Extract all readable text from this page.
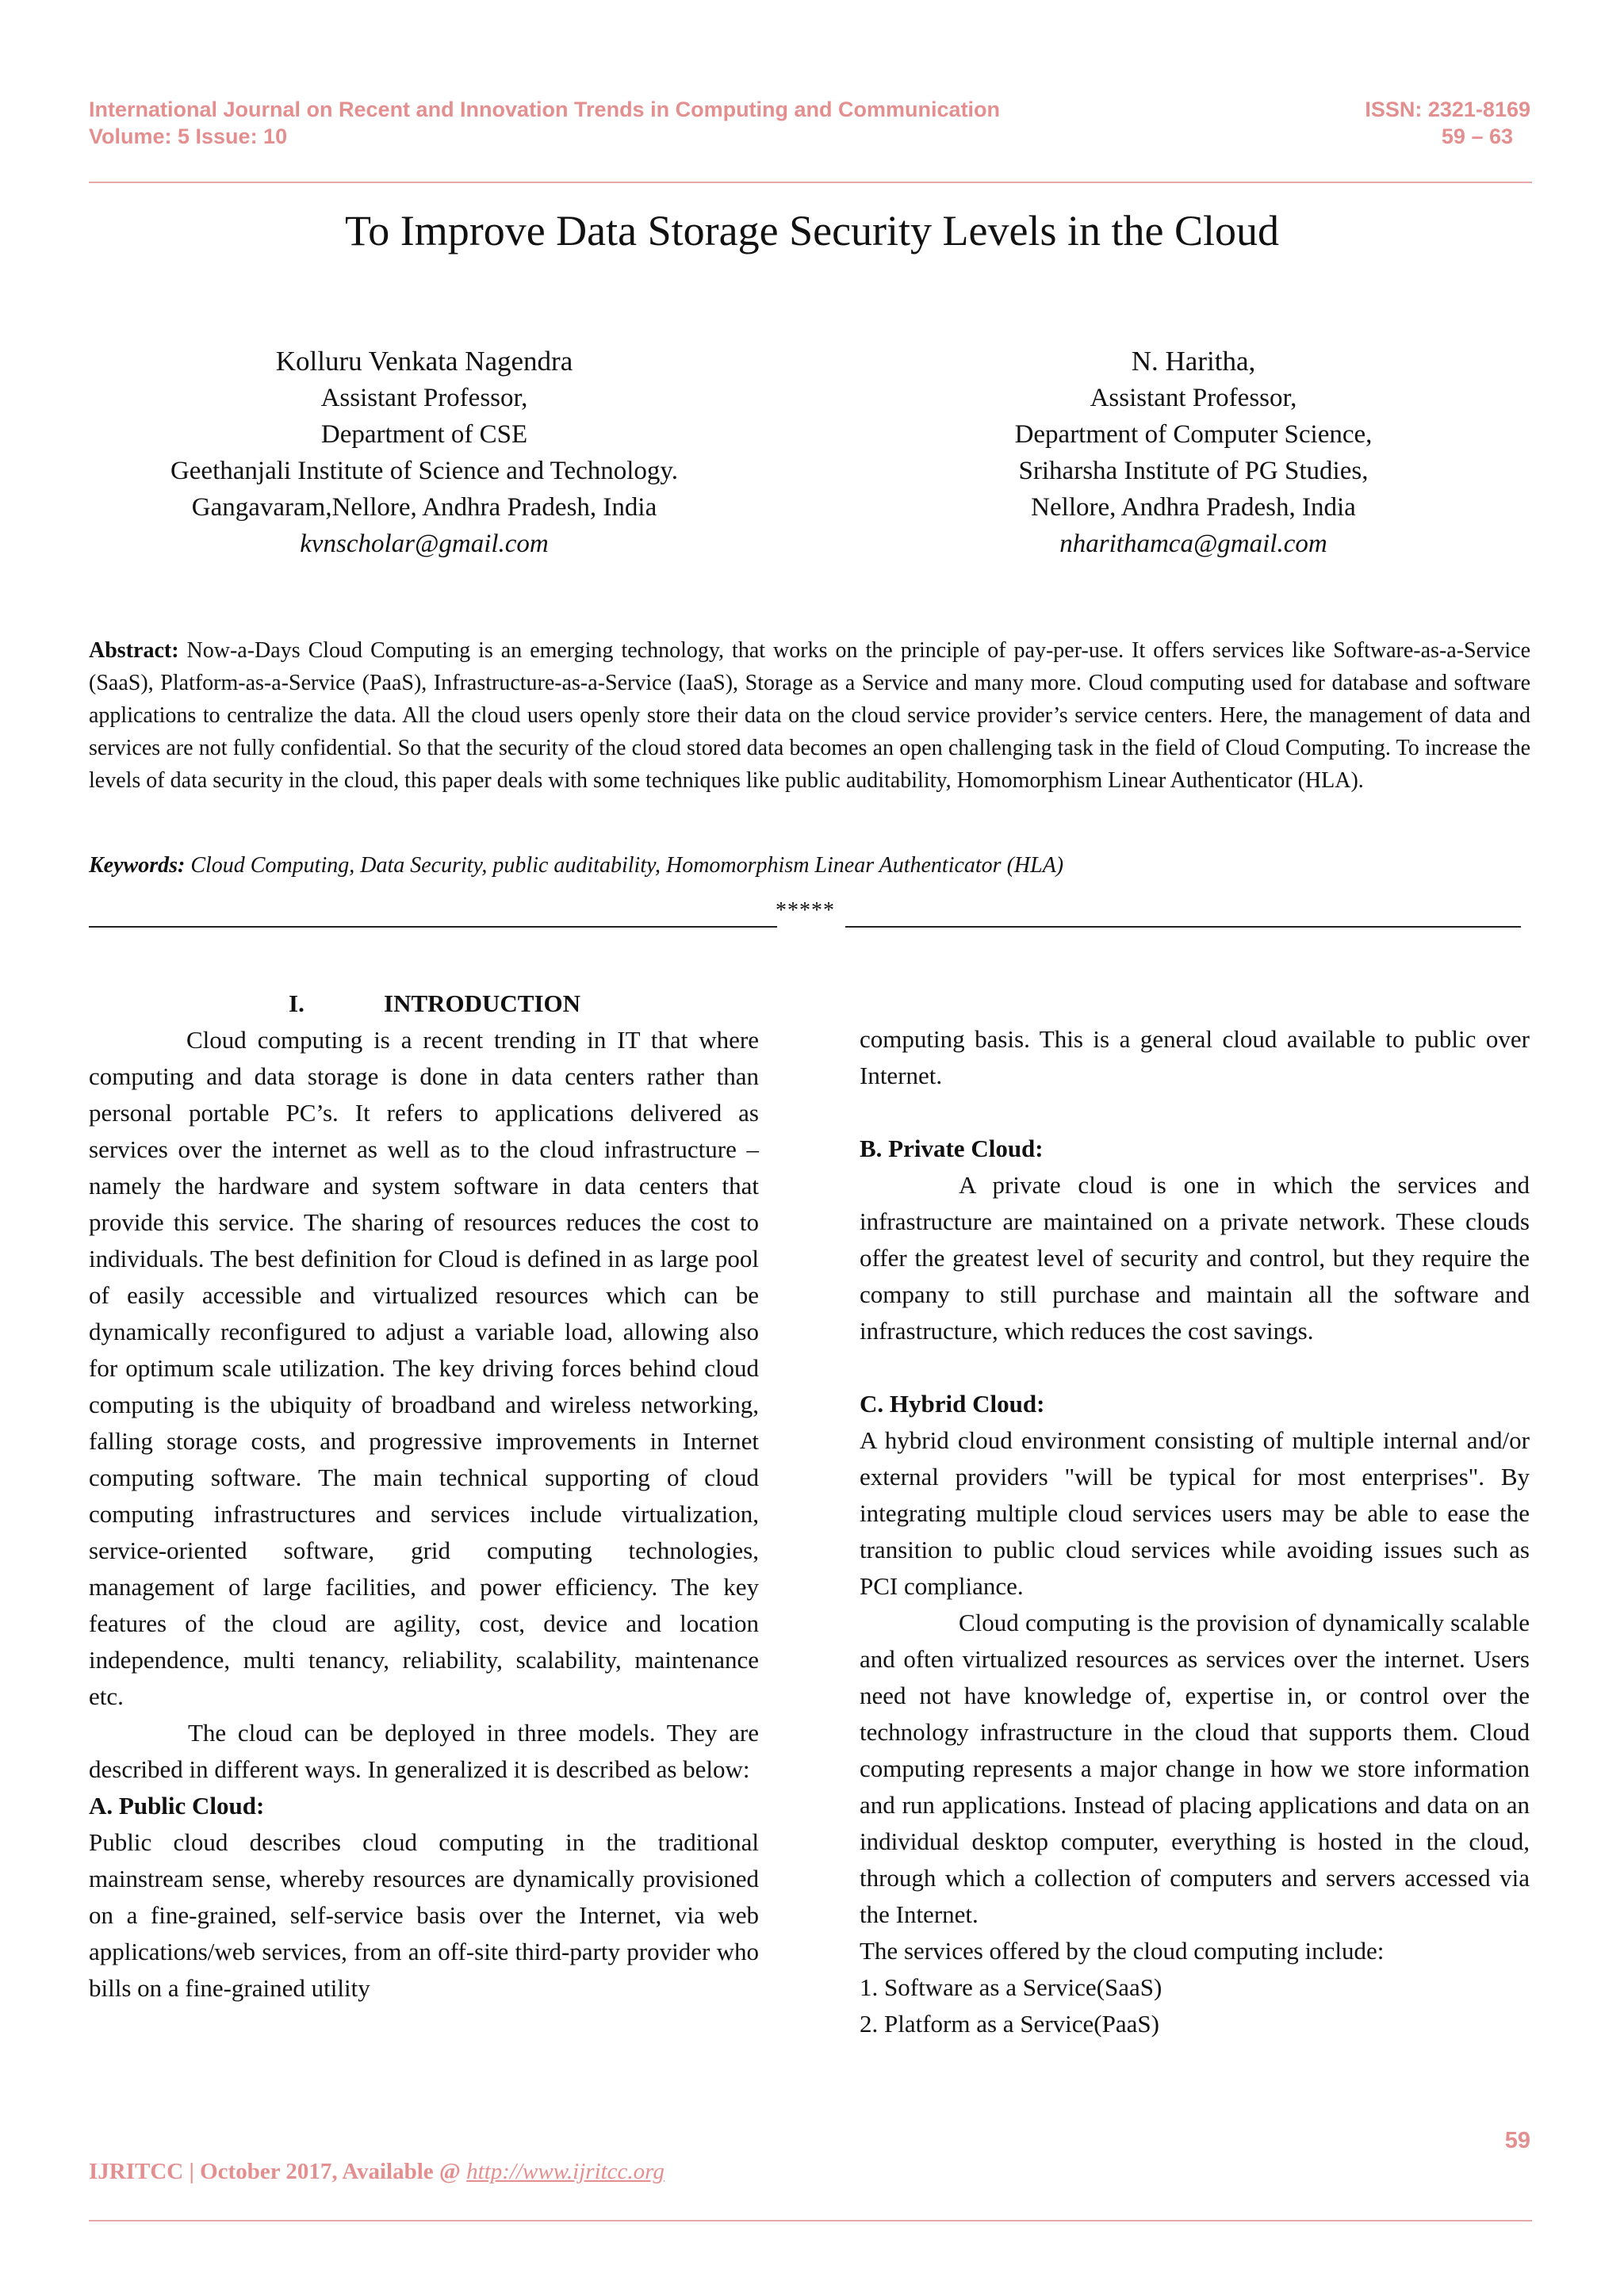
International Journal on Recent and Innovation Trends in Computing and Communication
Volume: 5 Issue: 10
ISSN: 2321-8169
59 – 63
To Improve Data Storage Security Levels in the Cloud
Kolluru Venkata Nagendra
Assistant Professor,
Department of CSE
Geethanjali Institute of Science and Technology.
Gangavaram,Nellore, Andhra Pradesh, India
kvnscholar@gmail.com
N. Haritha,
Assistant Professor,
Department of Computer Science,
Sriharsha Institute of PG Studies,
Nellore, Andhra Pradesh, India
nharithamca@gmail.com
Abstract: Now-a-Days Cloud Computing is an emerging technology, that works on the principle of pay-per-use. It offers services like Software-as-a-Service (SaaS), Platform-as-a-Service (PaaS), Infrastructure-as-a-Service (IaaS), Storage as a Service and many more. Cloud computing used for database and software applications to centralize the data. All the cloud users openly store their data on the cloud service provider’s service centers. Here, the management of data and services are not fully confidential. So that the security of the cloud stored data becomes an open challenging task in the field of Cloud Computing. To increase the levels of data security in the cloud, this paper deals with some techniques like public auditability, Homomorphism Linear Authenticator (HLA).
Keywords: Cloud Computing, Data Security, public auditability, Homomorphism Linear Authenticator (HLA)
*****

I.	INTRODUCTION

Cloud computing is a recent trending in IT that where computing and data storage is done in data centers rather than personal portable PC’s. It refers to applications delivered as services over the internet as well as to the cloud infrastructure – namely the hardware and system software in data centers that provide this service. The sharing of resources reduces the cost to individuals. The best definition for Cloud is defined in as large pool of easily accessible and virtualized resources which can be dynamically reconfigured to adjust a variable load, allowing also for optimum scale utilization. The key driving forces behind cloud computing is the ubiquity of broadband and wireless networking, falling storage costs, and progressive improvements in Internet computing software. The main technical supporting of cloud computing infrastructures and services include virtualization, service-oriented software, grid computing technologies, management of large facilities, and power efficiency. The key features of the cloud are agility, cost, device and location independence, multi tenancy, reliability, scalability, maintenance etc.

The cloud can be deployed in three models. They are described in different ways. In generalized it is described as below:

A. Public Cloud:

Public cloud describes cloud computing in the traditional mainstream sense, whereby resources are dynamically provisioned on a fine-grained, self-service basis over the Internet, via web applications/web services, from an off-site third-party provider who bills on a fine-grained utility

computing basis. This is a general cloud available to public over Internet.

B. Private Cloud:

A private cloud is one in which the services and infrastructure are maintained on a private network. These clouds offer the greatest level of security and control, but they require the company to still purchase and maintain all the software and infrastructure, which reduces the cost savings.

C. Hybrid Cloud:

A hybrid cloud environment consisting of multiple internal and/or external providers "will be typical for most enterprises". By integrating multiple cloud services users may be able to ease the transition to public cloud services while avoiding issues such as PCI compliance.

Cloud computing is the provision of dynamically scalable and often virtualized resources as services over the internet. Users need not have knowledge of, expertise in, or control over the technology infrastructure in the cloud that supports them. Cloud computing represents a major change in how we store information and run applications. Instead of placing applications and data on an individual desktop computer, everything is hosted in the cloud, through which a collection of computers and servers accessed via the Internet.

The services offered by the cloud computing include:

1. Software as a Service(SaaS)

2. Platform as a Service(PaaS)

59
IJRITCC | October 2017, Available @ http://www.ijritcc.org
